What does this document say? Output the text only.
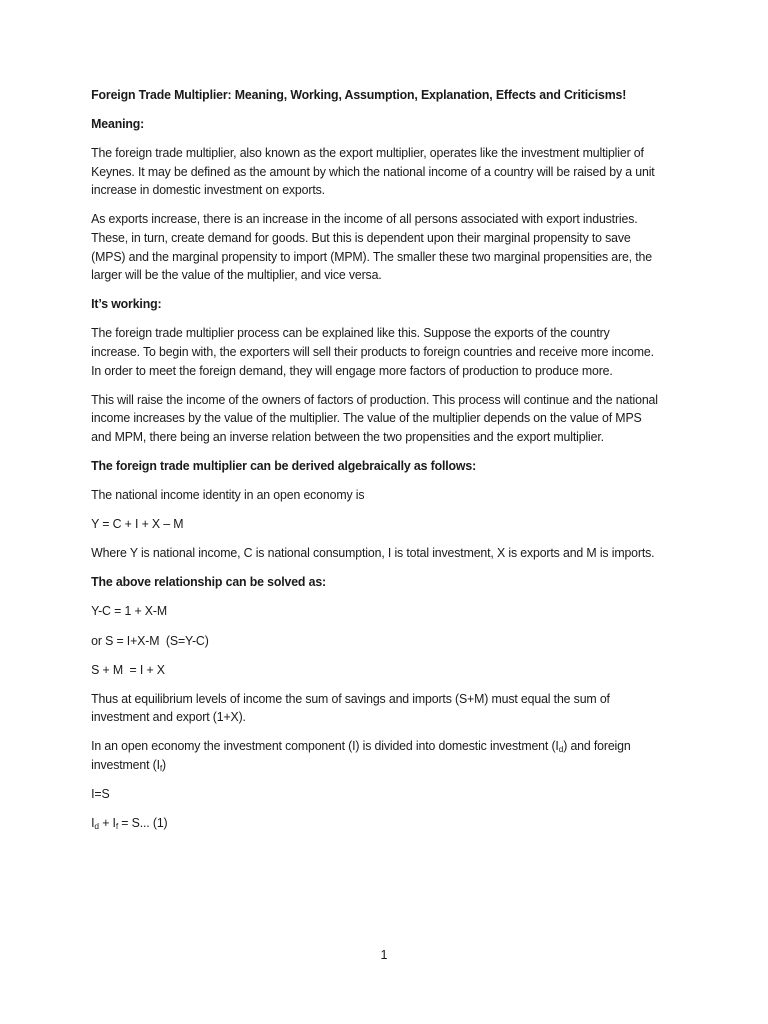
Foreign Trade Multiplier: Meaning, Working, Assumption, Explanation, Effects and Criticisms!

Meaning:

The foreign trade multiplier, also known as the export multiplier, operates like the investment multiplier of Keynes. It may be defined as the amount by which the national income of a country will be raised by a unit increase in domestic investment on exports.

As exports increase, there is an increase in the income of all persons associated with export industries. These, in turn, create demand for goods. But this is dependent upon their marginal propensity to save (MPS) and the marginal propensity to import (MPM). The smaller these two marginal propensities are, the larger will be the value of the multiplier, and vice versa.

It’s working:

The foreign trade multiplier process can be explained like this. Suppose the exports of the country increase. To begin with, the exporters will sell their products to foreign countries and receive more income. In order to meet the foreign demand, they will engage more factors of production to produce more.

This will raise the income of the owners of factors of production. This process will continue and the national income increases by the value of the multiplier. The value of the multiplier depends on the value of MPS and MPM, there being an inverse relation between the two propensities and the export multiplier.

The foreign trade multiplier can be derived algebraically as follows:

The national income identity in an open economy is

Y = C + I + X – M

Where Y is national income, C is national consumption, I is total investment, X is exports and M is imports.

The above relationship can be solved as:

Y-C = 1 + X-M

or S = I+X-M  (S=Y-C)

S + M  = I + X

Thus at equilibrium levels of income the sum of savings and imports (S+M) must equal the sum of investment and export (1+X).

In an open economy the investment component (I) is divided into domestic investment $(I_d)$ and foreign investment $(I_f)$

I=S

$I_d + I_f = S$... (1)

1
